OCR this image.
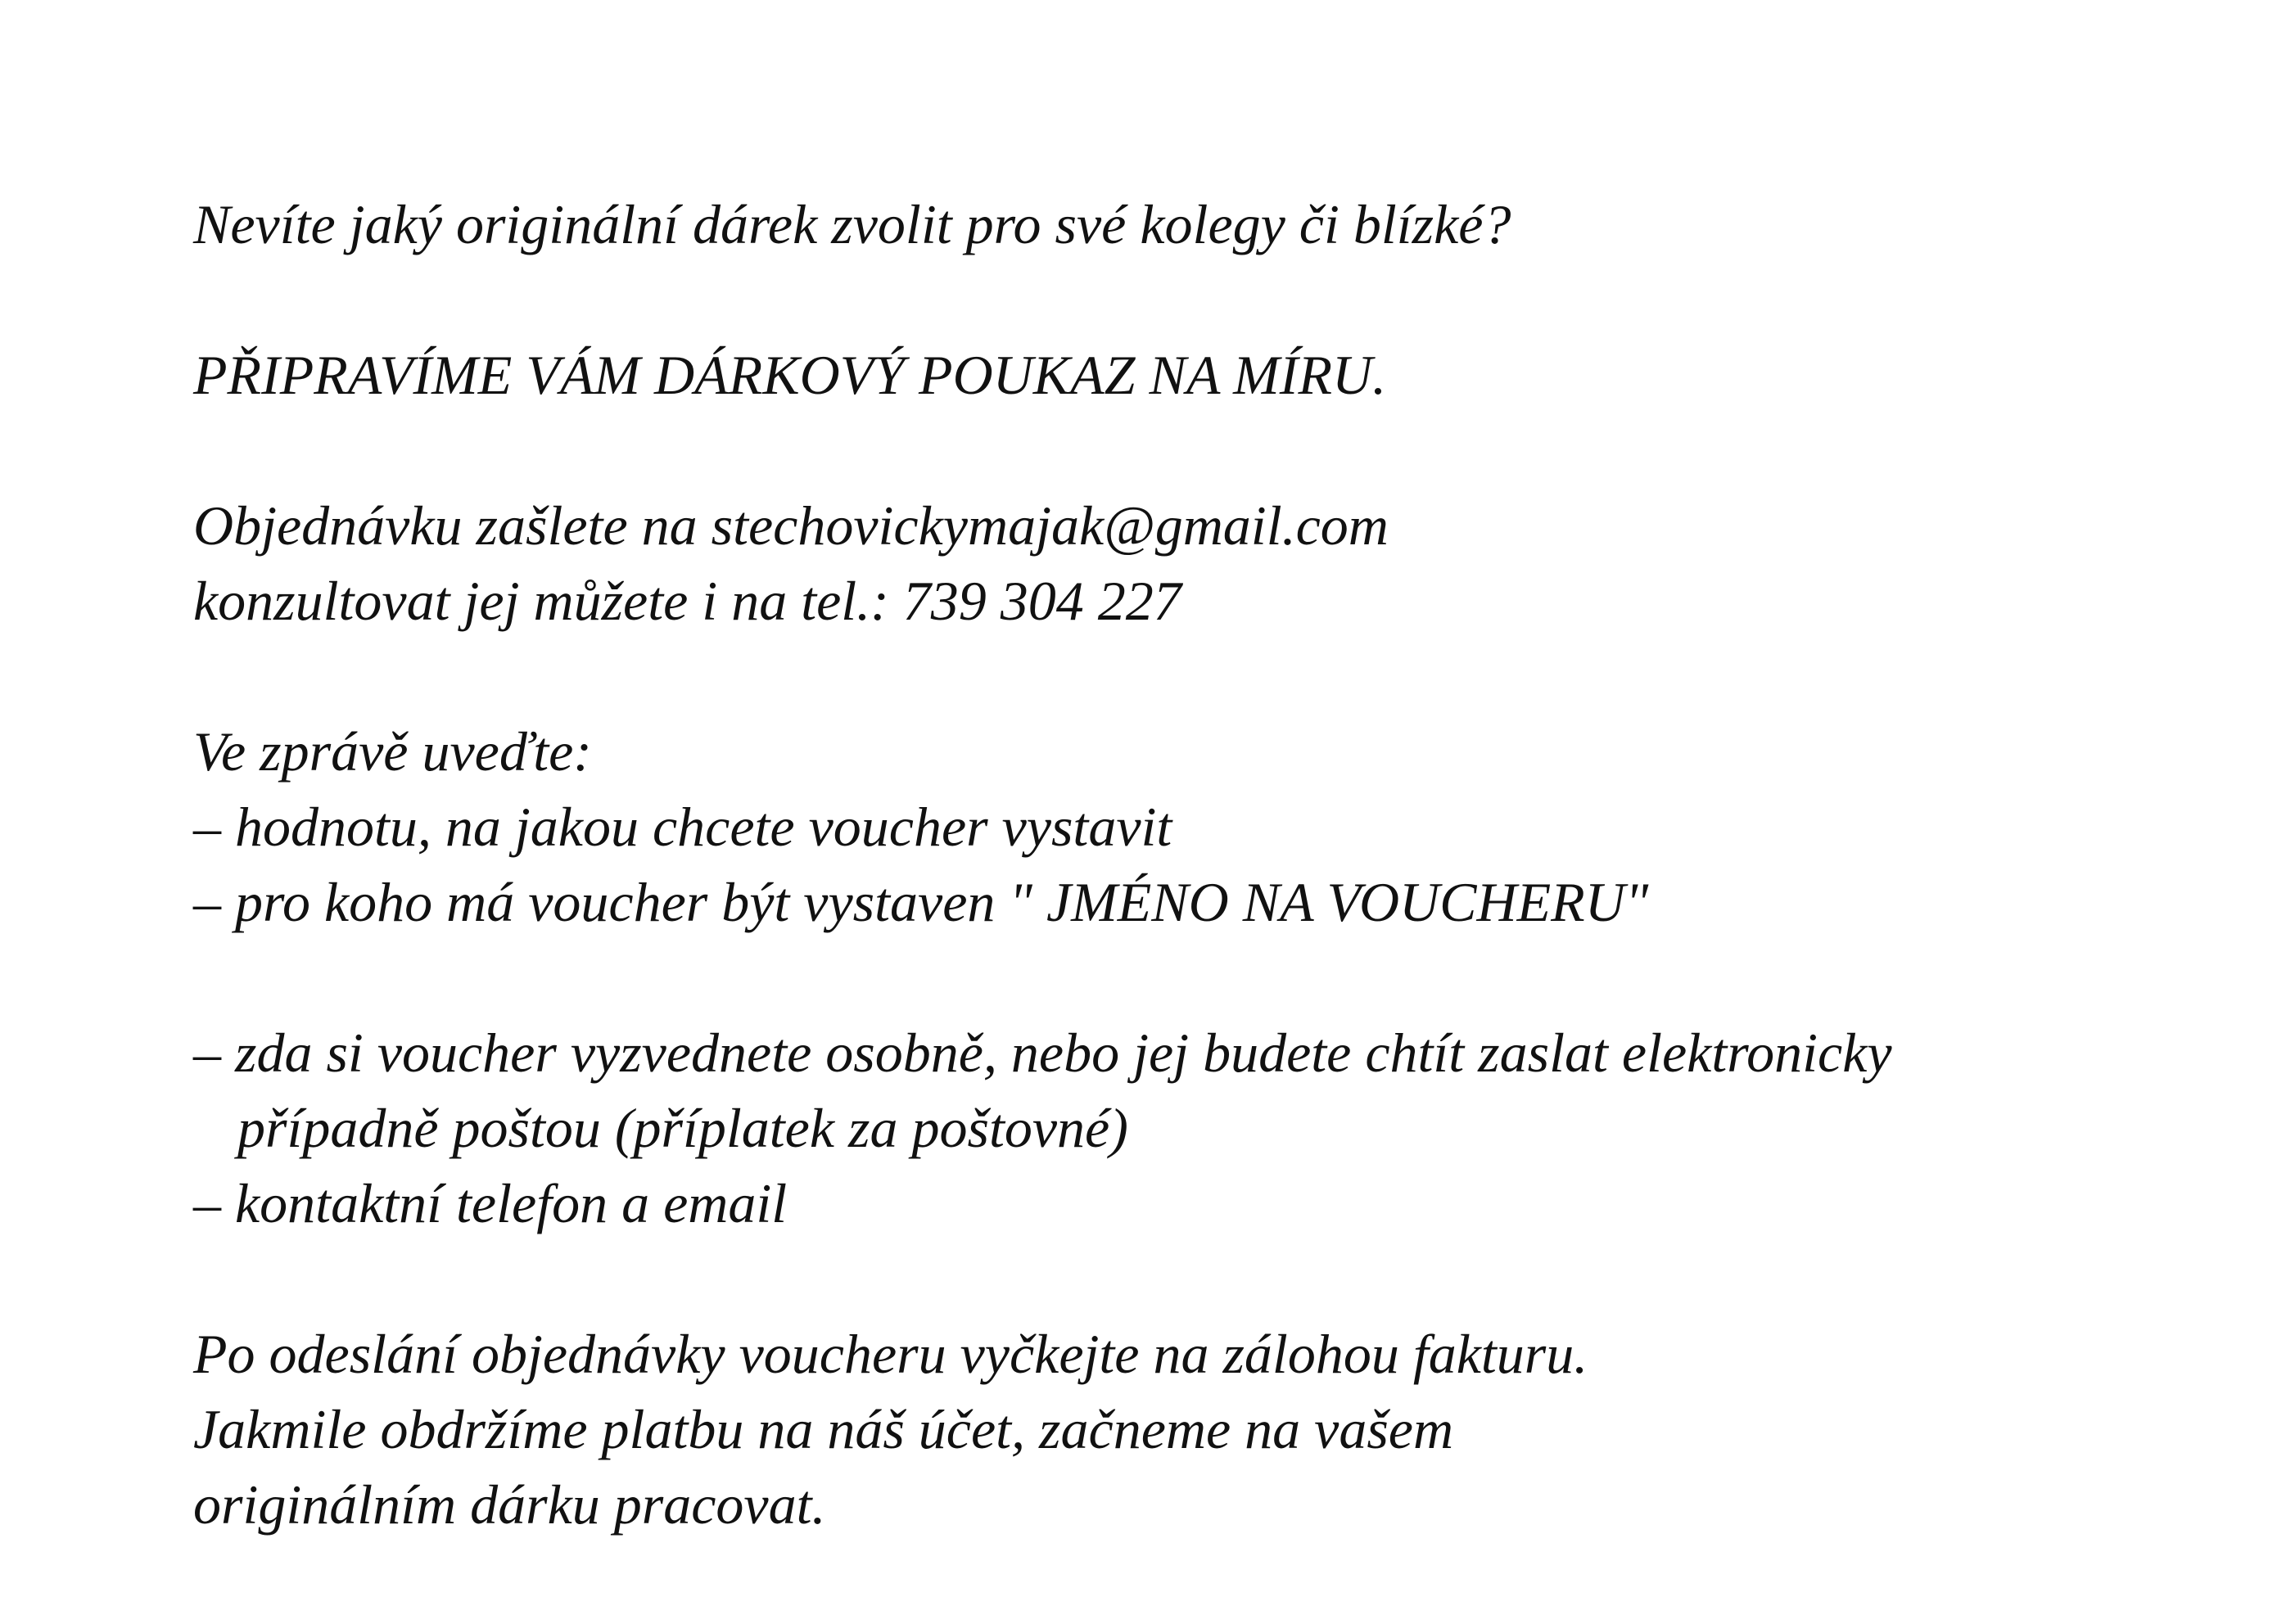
Nevíte jaký originální dárek zvolit pro své kolegy či blízké?
PŘIPRAVÍME VÁM DÁRKOVÝ POUKAZ NA MÍRU.
Objednávku zašlete na stechovickymajak@gmail.com
konzultovat jej můžete i na tel.: 739 304 227
Ve zprávě uveďte:
– hodnotu, na jakou chcete voucher vystavit
– pro koho má voucher být vystaven " JMÉNO NA VOUCHERU"
– zda si voucher vyzvednete osobně, nebo jej budete chtít zaslat elektronicky
případně poštou (příplatek za poštovné)
– kontaktní telefon a email
Po odeslání objednávky voucheru vyčkejte na zálohou fakturu.
Jakmile obdržíme platbu na náš účet, začneme na vašem
originálním dárku pracovat.
